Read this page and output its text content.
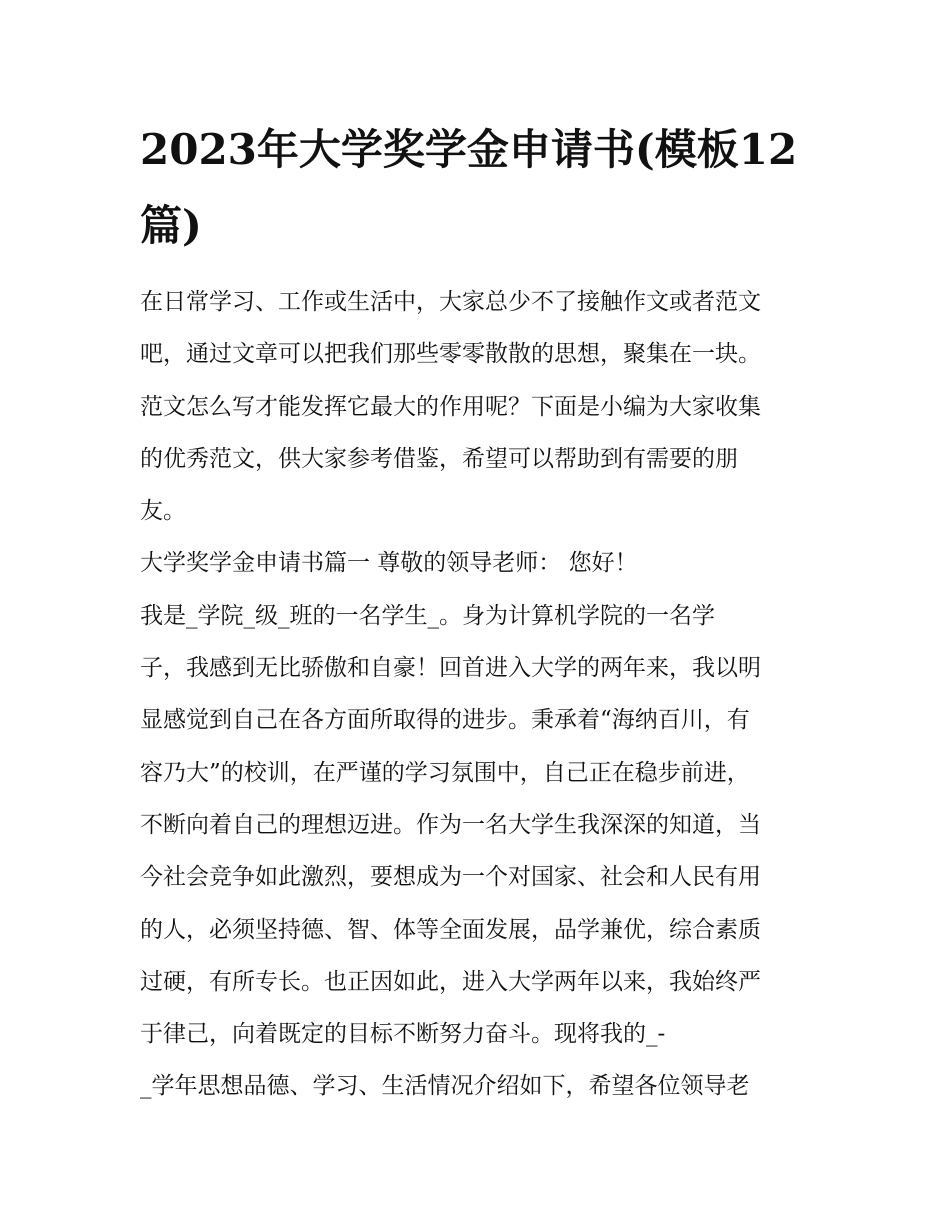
2023年大学奖学金申请书(模板12篇)
在日常学习、工作或生活中，大家总少不了接触作文或者范文
吧，通过文章可以把我们那些零零散散的思想，聚集在一块。
范文怎么写才能发挥它最大的作用呢？下面是小编为大家收集
的优秀范文，供大家参考借鉴，希望可以帮助到有需要的朋
友。
大学奖学金申请书篇一 尊敬的领导老师： 您好！
我是_学院_级_班的一名学生_。身为计算机学院的一名学
子，我感到无比骄傲和自豪！回首进入大学的两年来，我以明
显感觉到自己在各方面所取得的进步。秉承着“海纳百川，有
容乃大”的校训，在严谨的学习氛围中，自己正在稳步前进，
不断向着自己的理想迈进。作为一名大学生我深深的知道，当
今社会竞争如此激烈，要想成为一个对国家、社会和人民有用
的人，必须坚持德、智、体等全面发展，品学兼优，综合素质
过硬，有所专长。也正因如此，进入大学两年以来，我始终严
于律己，向着既定的目标不断努力奋斗。现将我的_-
_学年思想品德、学习、生活情况介绍如下，希望各位领导老
